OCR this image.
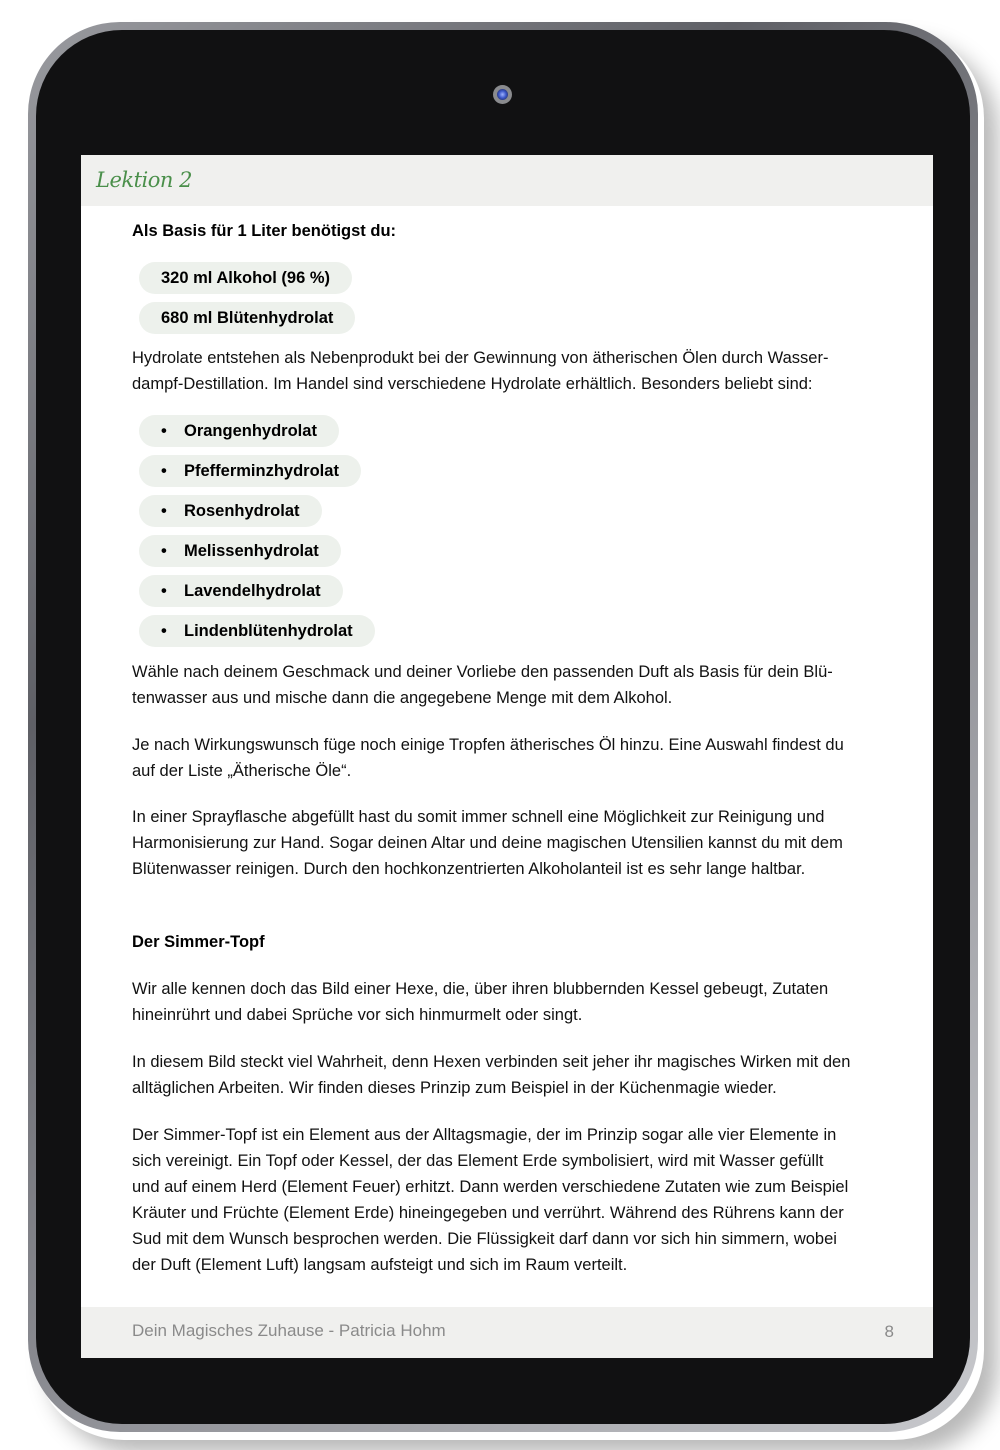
Lektion 2
Als Basis für 1 Liter benötigst du:
320 ml Alkohol (96 %)
680 ml Blütenhydrolat
Hydrolate entstehen als Nebenprodukt bei der Gewinnung von ätherischen Ölen durch Wasser-
dampf-Destillation. Im Handel sind verschiedene Hydrolate erhältlich. Besonders beliebt sind:
• Orangenhydrolat
• Pfefferminzhydrolat
• Rosenhydrolat
• Melissenhydrolat
• Lavendelhydrolat
• Lindenblütenhydrolat
Wähle nach deinem Geschmack und deiner Vorliebe den passenden Duft als Basis für dein Blü-
tenwasser aus und mische dann die angegebene Menge mit dem Alkohol.
Je nach Wirkungswunsch füge noch einige Tropfen ätherisches Öl hinzu. Eine Auswahl findest du
auf der Liste „Ätherische Öle“.
In einer Sprayflasche abgefüllt hast du somit immer schnell eine Möglichkeit zur Reinigung und
Harmonisierung zur Hand. Sogar deinen Altar und deine magischen Utensilien kannst du mit dem
Blütenwasser reinigen. Durch den hochkonzentrierten Alkoholanteil ist es sehr lange haltbar.
Der Simmer-Topf
Wir alle kennen doch das Bild einer Hexe, die, über ihren blubbernden Kessel gebeugt, Zutaten
hineinrührt und dabei Sprüche vor sich hinmurmelt oder singt.
In diesem Bild steckt viel Wahrheit, denn Hexen verbinden seit jeher ihr magisches Wirken mit den
alltäglichen Arbeiten. Wir finden dieses Prinzip zum Beispiel in der Küchenmagie wieder.
Der Simmer-Topf ist ein Element aus der Alltagsmagie, der im Prinzip sogar alle vier Elemente in
sich vereinigt. Ein Topf oder Kessel, der das Element Erde symbolisiert, wird mit Wasser gefüllt
und auf einem Herd (Element Feuer) erhitzt. Dann werden verschiedene Zutaten wie zum Beispiel
Kräuter und Früchte (Element Erde) hineingegeben und verrührt. Während des Rührens kann der
Sud mit dem Wunsch besprochen werden. Die Flüssigkeit darf dann vor sich hin simmern, wobei
der Duft (Element Luft) langsam aufsteigt und sich im Raum verteilt.
Dein Magisches Zuhause - Patricia Hohm	8
